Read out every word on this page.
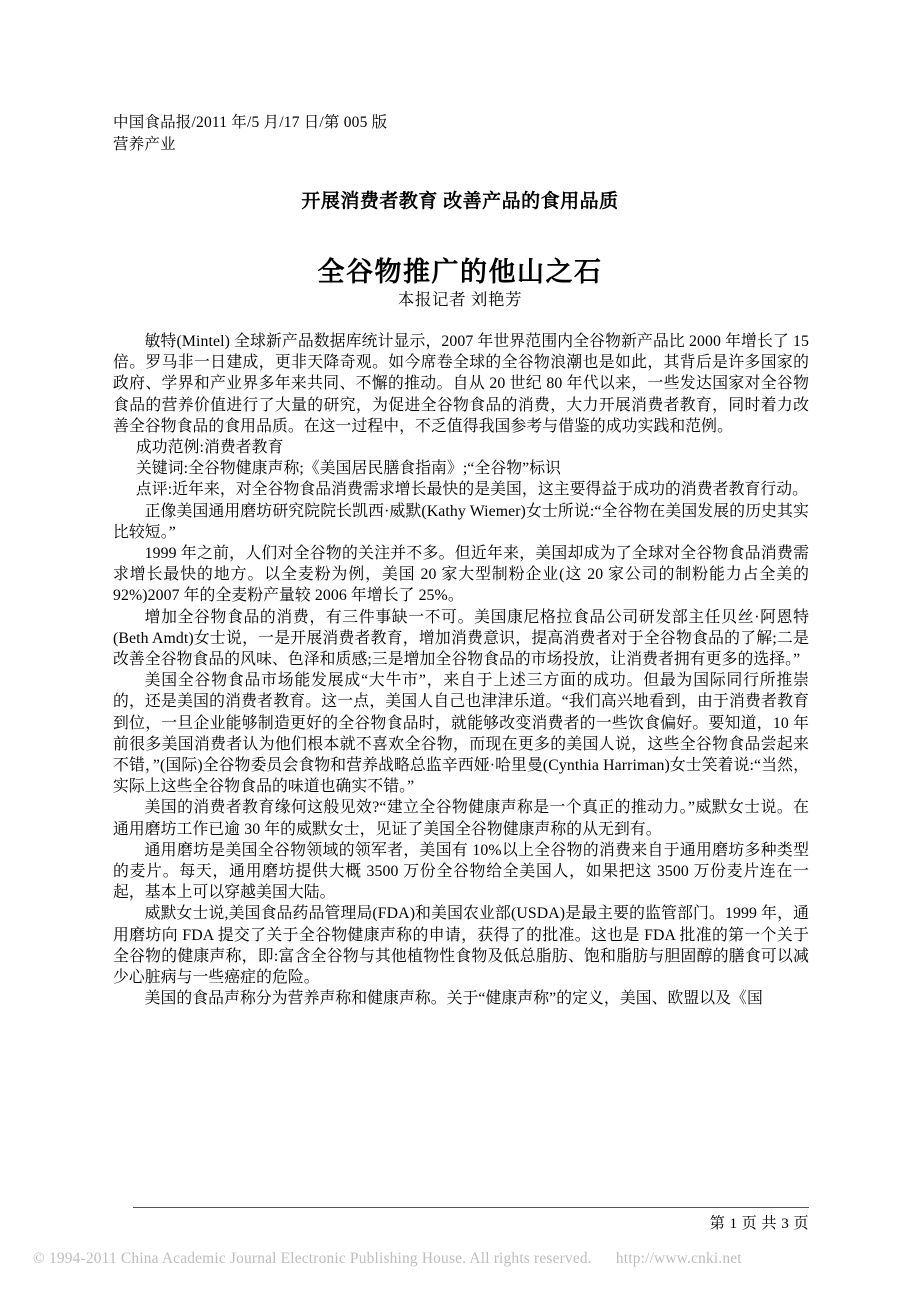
中国食品报/2011 年/5 月/17 日/第 005 版
营养产业
开展消费者教育 改善产品的食用品质
全谷物推广的他山之石
本报记者 刘艳芳

敏特(Mintel) 全球新产品数据库统计显示，2007 年世界范围内全谷物新产品比 2000 年增长了 15 倍。罗马非一日建成，更非天降奇观。如今席卷全球的全谷物浪潮也是如此，其背后是许多国家的政府、学界和产业界多年来共同、不懈的推动。自从 20 世纪 80 年代以来，一些发达国家对全谷物食品的营养价值进行了大量的研究，为促进全谷物食品的消费，大力开展消费者教育，同时着力改善全谷物食品的食用品质。在这一过程中，不乏值得我国参考与借鉴的成功实践和范例。

成功范例:消费者教育

关键词:全谷物健康声称;《美国居民膳食指南》;“全谷物”标识

点评:近年来，对全谷物食品消费需求增长最快的是美国，这主要得益于成功的消费者教育行动。

正像美国通用磨坊研究院院长凯西·威默(Kathy Wiemer)女士所说:“全谷物在美国发展的历史其实比较短。”

1999 年之前，人们对全谷物的关注并不多。但近年来，美国却成为了全球对全谷物食品消费需求增长最快的地方。以全麦粉为例，美国 20 家大型制粉企业(这 20 家公司的制粉能力占全美的 92%)2007 年的全麦粉产量较 2006 年增长了 25%。

增加全谷物食品的消费，有三件事缺一不可。美国康尼格拉食品公司研发部主任贝丝·阿恩特(Beth Amdt)女士说，一是开展消费者教育，增加消费意识，提高消费者对于全谷物食品的了解;二是改善全谷物食品的风味、色泽和质感;三是增加全谷物食品的市场投放，让消费者拥有更多的选择。”

美国全谷物食品市场能发展成“大牛市”，来自于上述三方面的成功。但最为国际同行所推崇的，还是美国的消费者教育。这一点，美国人自己也津津乐道。“我们高兴地看到，由于消费者教育到位，一旦企业能够制造更好的全谷物食品时，就能够改变消费者的一些饮食偏好。要知道，10 年前很多美国消费者认为他们根本就不喜欢全谷物，而现在更多的美国人说，这些全谷物食品尝起来不错，”(国际)全谷物委员会食物和营养战略总监辛西娅·哈里曼(Cynthia Harriman)女士笑着说:“当然，实际上这些全谷物食品的味道也确实不错。”

美国的消费者教育缘何这般见效?“建立全谷物健康声称是一个真正的推动力。”威默女士说。在通用磨坊工作已逾 30 年的威默女士，见证了美国全谷物健康声称的从无到有。

通用磨坊是美国全谷物领域的领军者，美国有 10%以上全谷物的消费来自于通用磨坊多种类型的麦片。每天，通用磨坊提供大概 3500 万份全谷物给全美国人，如果把这 3500 万份麦片连在一起，基本上可以穿越美国大陆。

威默女士说,美国食品药品管理局(FDA)和美国农业部(USDA)是最主要的监管部门。1999 年，通用磨坊向 FDA 提交了关于全谷物健康声称的申请，获得了的批准。这也是 FDA 批准的第一个关于全谷物的健康声称，即:富含全谷物与其他植物性食物及低总脂肪、饱和脂肪与胆固醇的膳食可以减少心脏病与一些癌症的危险。

美国的食品声称分为营养声称和健康声称。关于“健康声称”的定义，美国、欧盟以及《国

第 1 页 共 3 页
© 1994-2011 China Academic Journal Electronic Publishing House. All rights reserved. http://www.cnki.net
